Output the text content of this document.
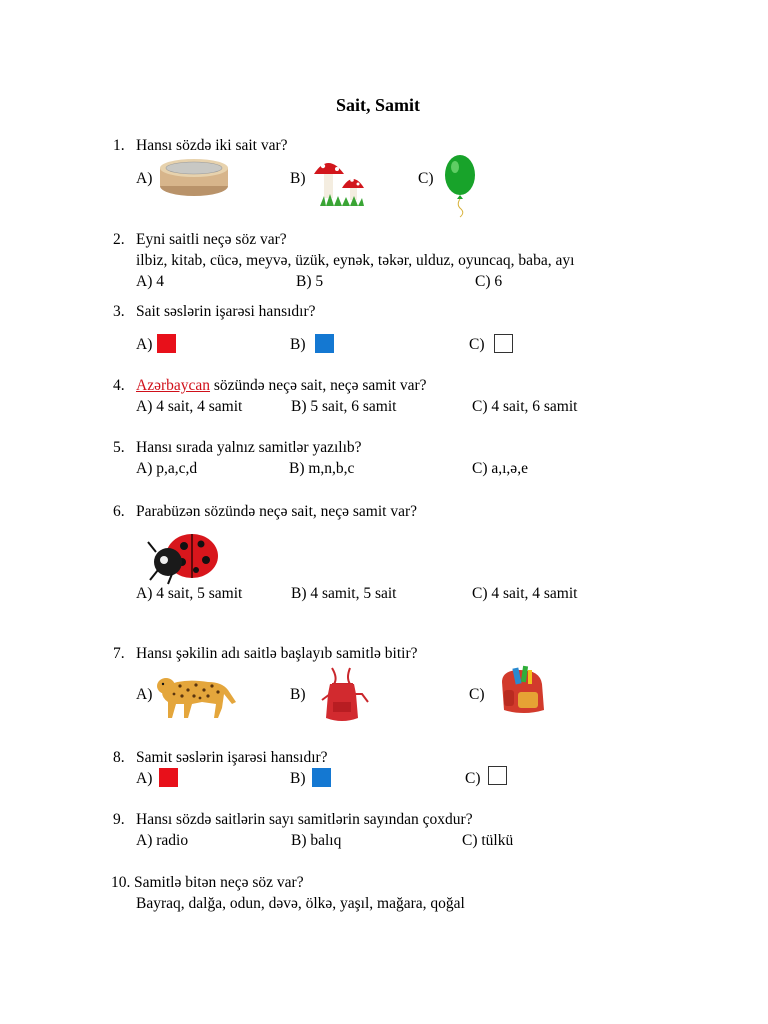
Sait, Samit
1. Hansı sözdə iki sait var?
A)	B)	C)
2. Eyni saitli neçə söz var?
ilbiz, kitab, cücə, meyvə, üzük, eynək, təkər, ulduz, oyuncaq, baba, ayı
A) 4	B) 5	C) 6
3. Sait səslərin işarəsi hansıdır?
A)	B)	C)
4. Azərbaycan sözündə neçə sait, neçə samit var?
A) 4 sait, 4 samit	B) 5 sait, 6 samit	C) 4 sait, 6 samit
5. Hansı sırada yalnız samitlər yazılıb?
A) p,a,c,d	B) m,n,b,c	C) a,ı,ə,e
6. Parabüzən sözündə neçə sait, neçə samit var?
A) 4 sait, 5 samit	B) 4 samit, 5 sait	C) 4 sait, 4 samit
7. Hansı şəkilin adı saitlə başlayıb samitlə bitir?
A)	B)	C)
8. Samit səslərin işarəsi hansıdır?
A)	B)	C)
9. Hansı sözdə saitlərin sayı samitlərin sayından çoxdur?
A) radio	B) balıq	C) tülkü
10. Samitlə bitən neçə söz var?
Bayraq, dalğa, odun, dəvə, ölkə, yaşıl, mağara, qoğal
